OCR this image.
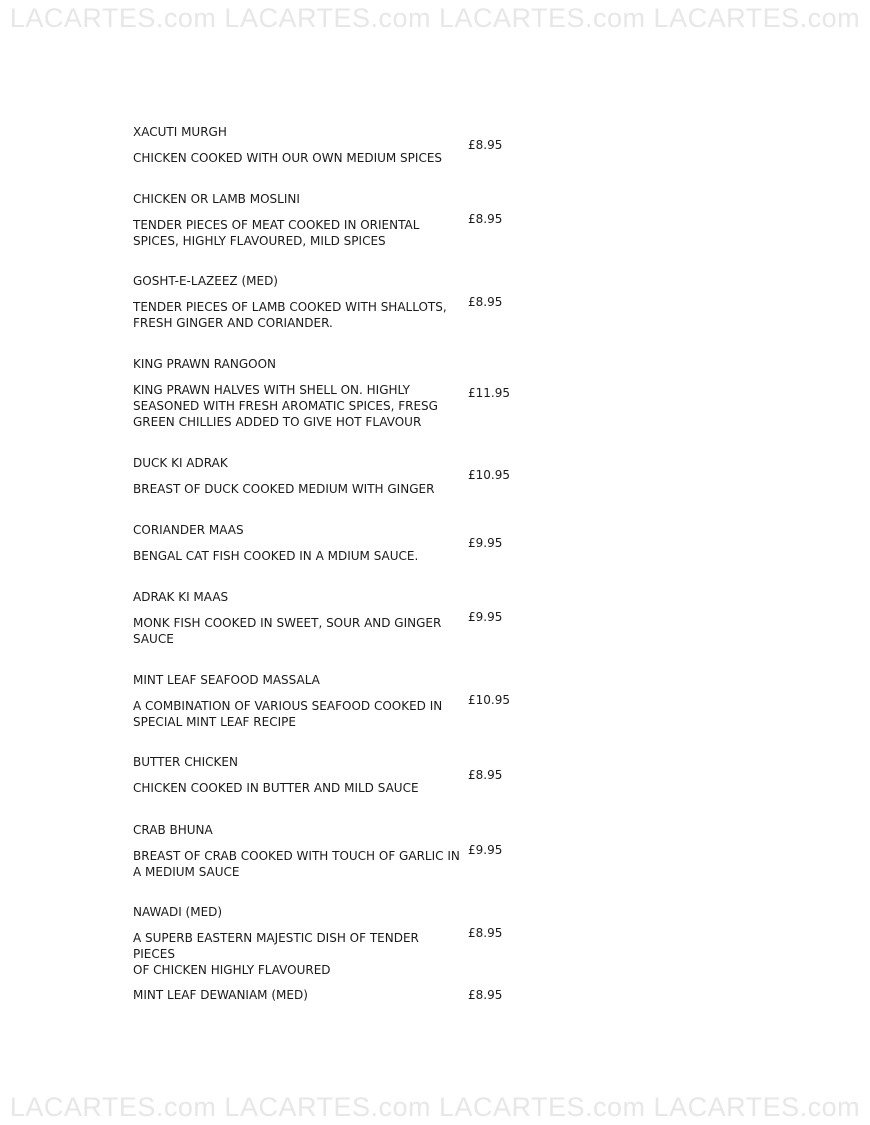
LACARTES.com LACARTES.com LACARTES.com LACARTES.com
XACUTI MURGH
CHICKEN COOKED WITH OUR OWN MEDIUM SPICES
£8.95
CHICKEN OR LAMB MOSLINI
TENDER PIECES OF MEAT COOKED IN ORIENTAL
SPICES, HIGHLY FLAVOURED, MILD SPICES
£8.95
GOSHT-E-LAZEEZ (MED)
TENDER PIECES OF LAMB COOKED WITH SHALLOTS,
FRESH GINGER AND CORIANDER.
£8.95
KING PRAWN RANGOON
KING PRAWN HALVES WITH SHELL ON. HIGHLY
SEASONED WITH FRESH AROMATIC SPICES, FRESG
GREEN CHILLIES ADDED TO GIVE HOT FLAVOUR
£11.95
DUCK KI ADRAK
BREAST OF DUCK COOKED MEDIUM WITH GINGER
£10.95
CORIANDER MAAS
BENGAL CAT FISH COOKED IN A MDIUM SAUCE.
£9.95
ADRAK KI MAAS
MONK FISH COOKED IN SWEET, SOUR AND GINGER
SAUCE
£9.95
MINT LEAF SEAFOOD MASSALA
A COMBINATION OF VARIOUS SEAFOOD COOKED IN
SPECIAL MINT LEAF RECIPE
£10.95
BUTTER CHICKEN
CHICKEN COOKED IN BUTTER AND MILD SAUCE
£8.95
CRAB BHUNA
BREAST OF CRAB COOKED WITH TOUCH OF GARLIC IN
A MEDIUM SAUCE
£9.95
NAWADI (MED)
A SUPERB EASTERN MAJESTIC DISH OF TENDER PIECES
OF CHICKEN HIGHLY FLAVOURED
£8.95
MINT LEAF DEWANIAM (MED)	£8.95
LACARTES.com LACARTES.com LACARTES.com LACARTES.com
